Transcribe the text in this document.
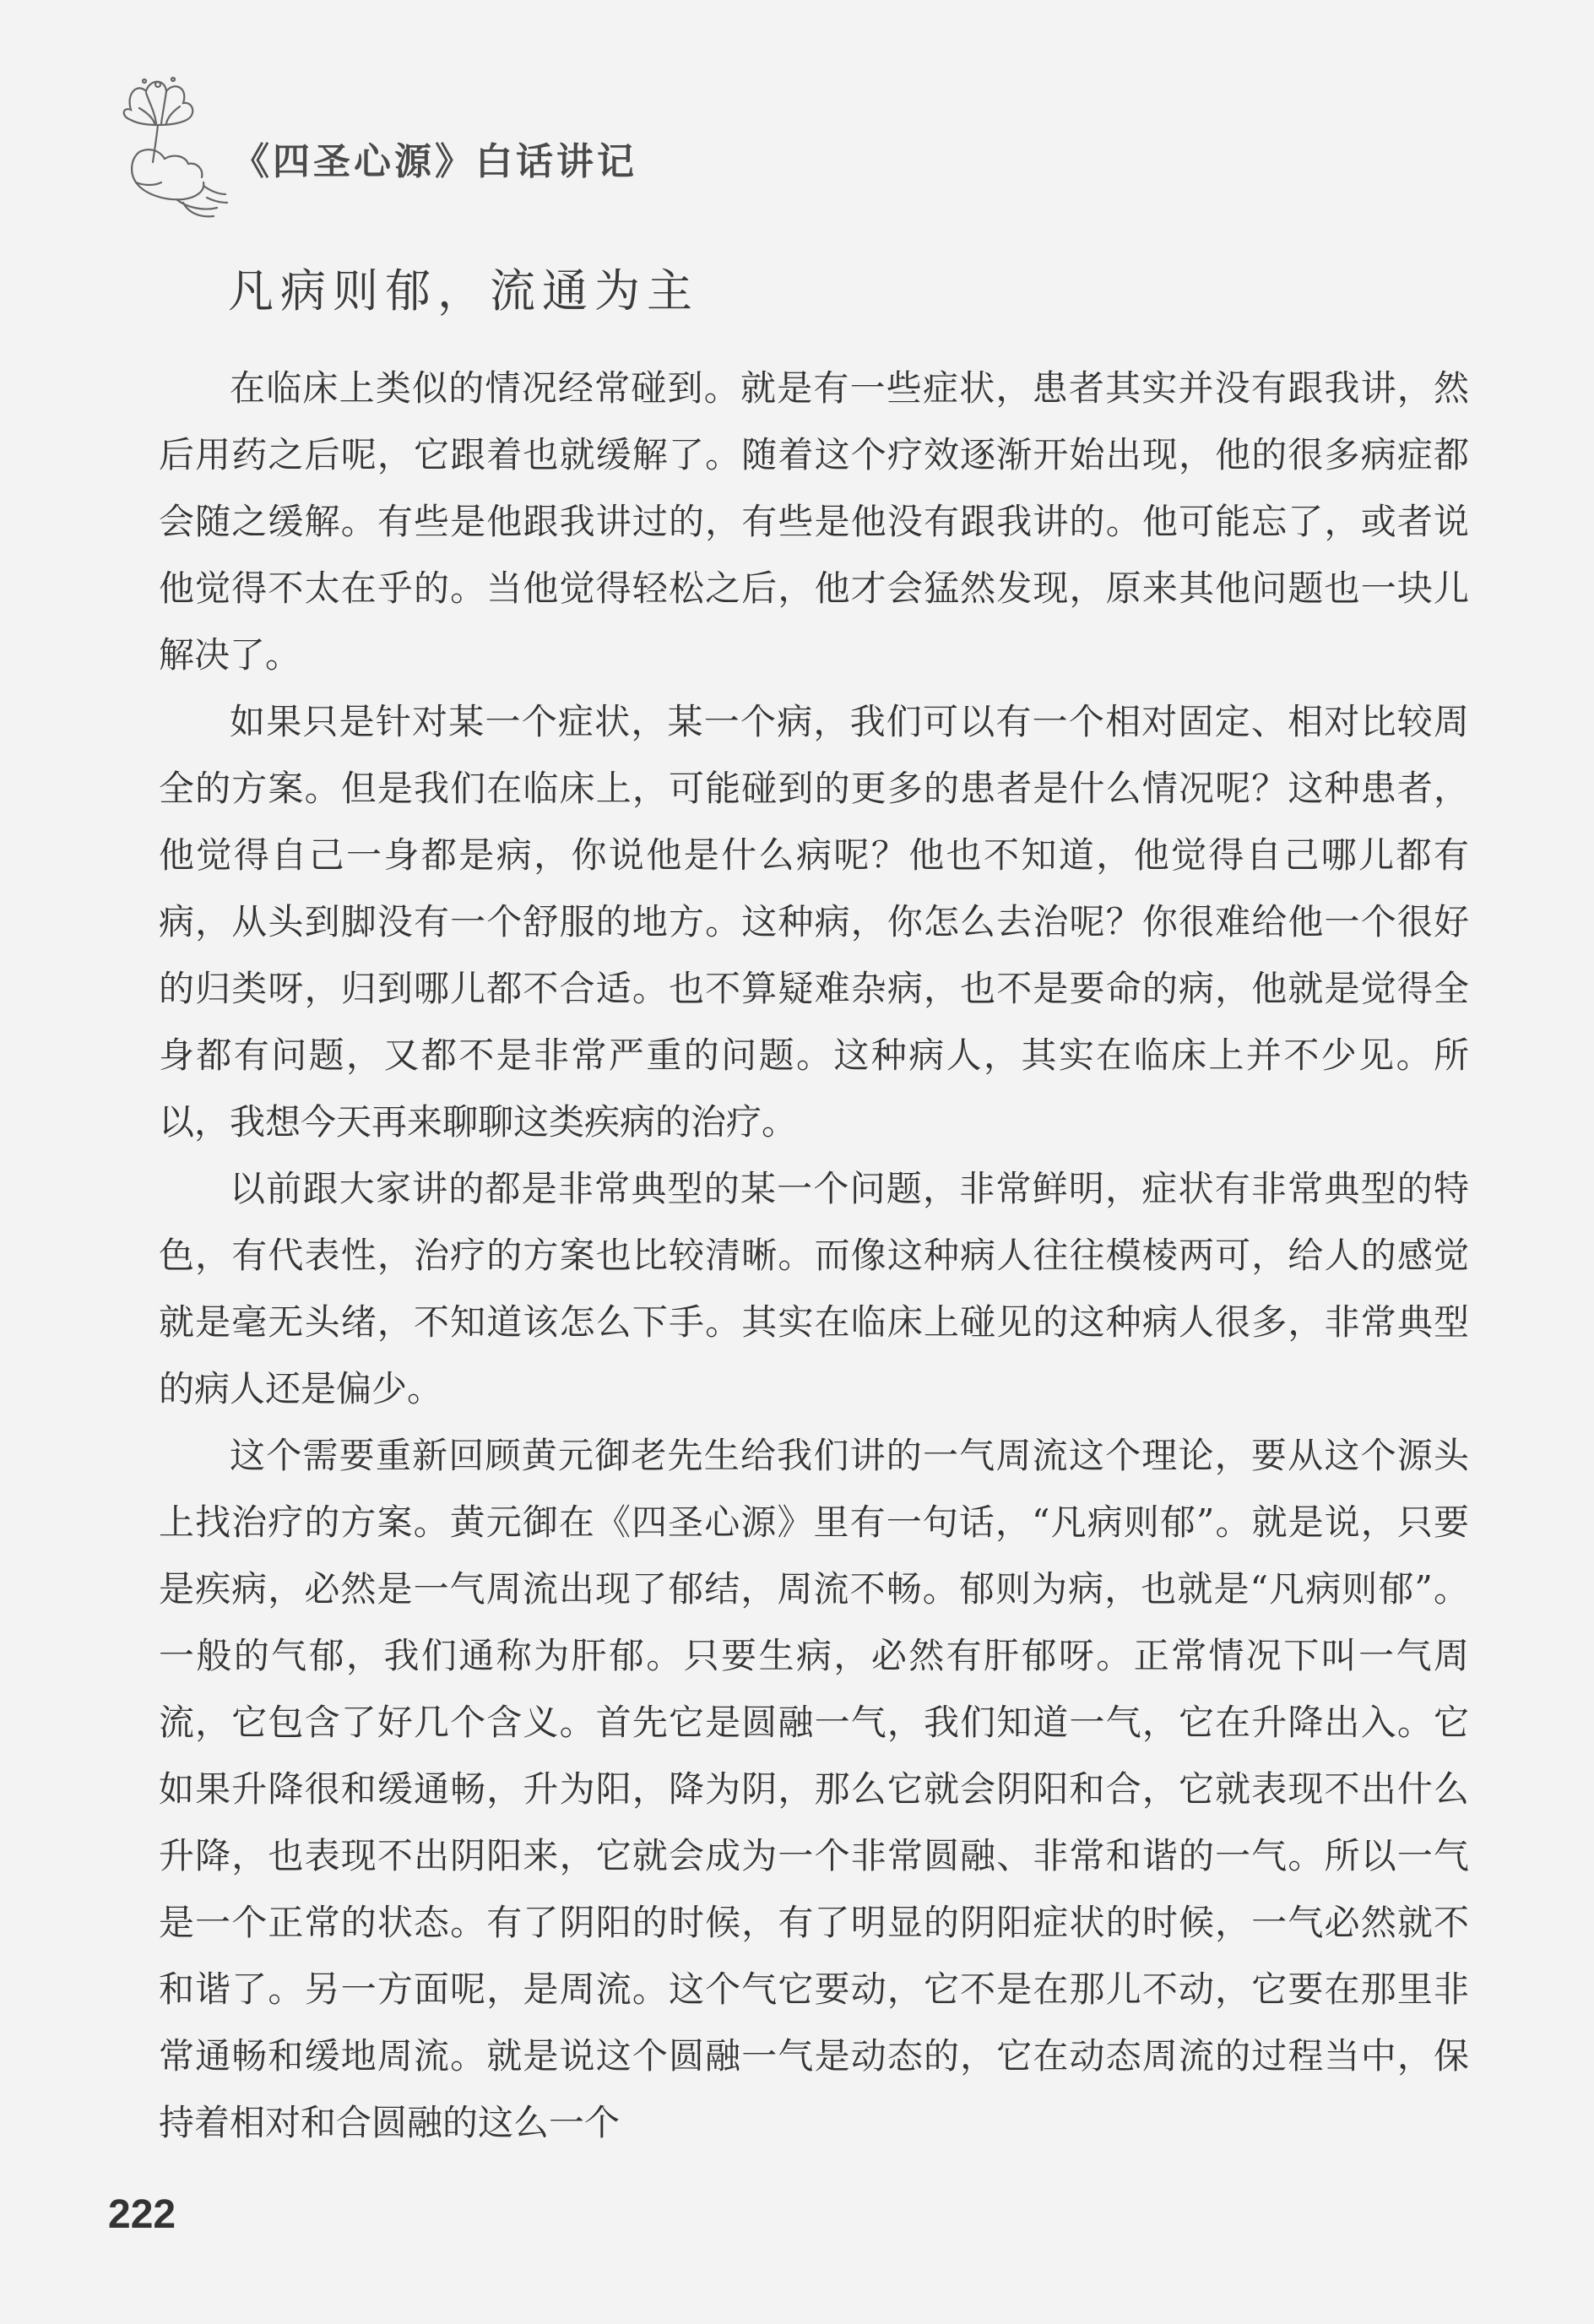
《四圣心源》白话讲记
凡病则郁，流通为主

在临床上类似的情况经常碰到。就是有一些症状，患者其实并没有跟我讲，然后用药之后呢，它跟着也就缓解了。随着这个疗效逐渐开始出现，他的很多病症都会随之缓解。有些是他跟我讲过的，有些是他没有跟我讲的。他可能忘了，或者说他觉得不太在乎的。当他觉得轻松之后，他才会猛然发现，原来其他问题也一块儿解决了。

如果只是针对某一个症状，某一个病，我们可以有一个相对固定、相对比较周全的方案。但是我们在临床上，可能碰到的更多的患者是什么情况呢？这种患者，他觉得自己一身都是病，你说他是什么病呢？他也不知道，他觉得自己哪儿都有病，从头到脚没有一个舒服的地方。这种病，你怎么去治呢？你很难给他一个很好的归类呀，归到哪儿都不合适。也不算疑难杂病，也不是要命的病，他就是觉得全身都有问题，又都不是非常严重的问题。这种病人，其实在临床上并不少见。所以，我想今天再来聊聊这类疾病的治疗。

以前跟大家讲的都是非常典型的某一个问题，非常鲜明，症状有非常典型的特色，有代表性，治疗的方案也比较清晰。而像这种病人往往模棱两可，给人的感觉就是毫无头绪，不知道该怎么下手。其实在临床上碰见的这种病人很多，非常典型的病人还是偏少。

这个需要重新回顾黄元御老先生给我们讲的一气周流这个理论，要从这个源头上找治疗的方案。黄元御在《四圣心源》里有一句话，“凡病则郁”。就是说，只要是疾病，必然是一气周流出现了郁结，周流不畅。郁则为病，也就是“凡病则郁”。一般的气郁，我们通称为肝郁。只要生病，必然有肝郁呀。正常情况下叫一气周流，它包含了好几个含义。首先它是圆融一气，我们知道一气，它在升降出入。它如果升降很和缓通畅，升为阳，降为阴，那么它就会阴阳和合，它就表现不出什么升降，也表现不出阴阳来，它就会成为一个非常圆融、非常和谐的一气。所以一气是一个正常的状态。有了阴阳的时候，有了明显的阴阳症状的时候，一气必然就不和谐了。另一方面呢，是周流。这个气它要动，它不是在那儿不动，它要在那里非常通畅和缓地周流。就是说这个圆融一气是动态的，它在动态周流的过程当中，保持着相对和合圆融的这么一个

222
